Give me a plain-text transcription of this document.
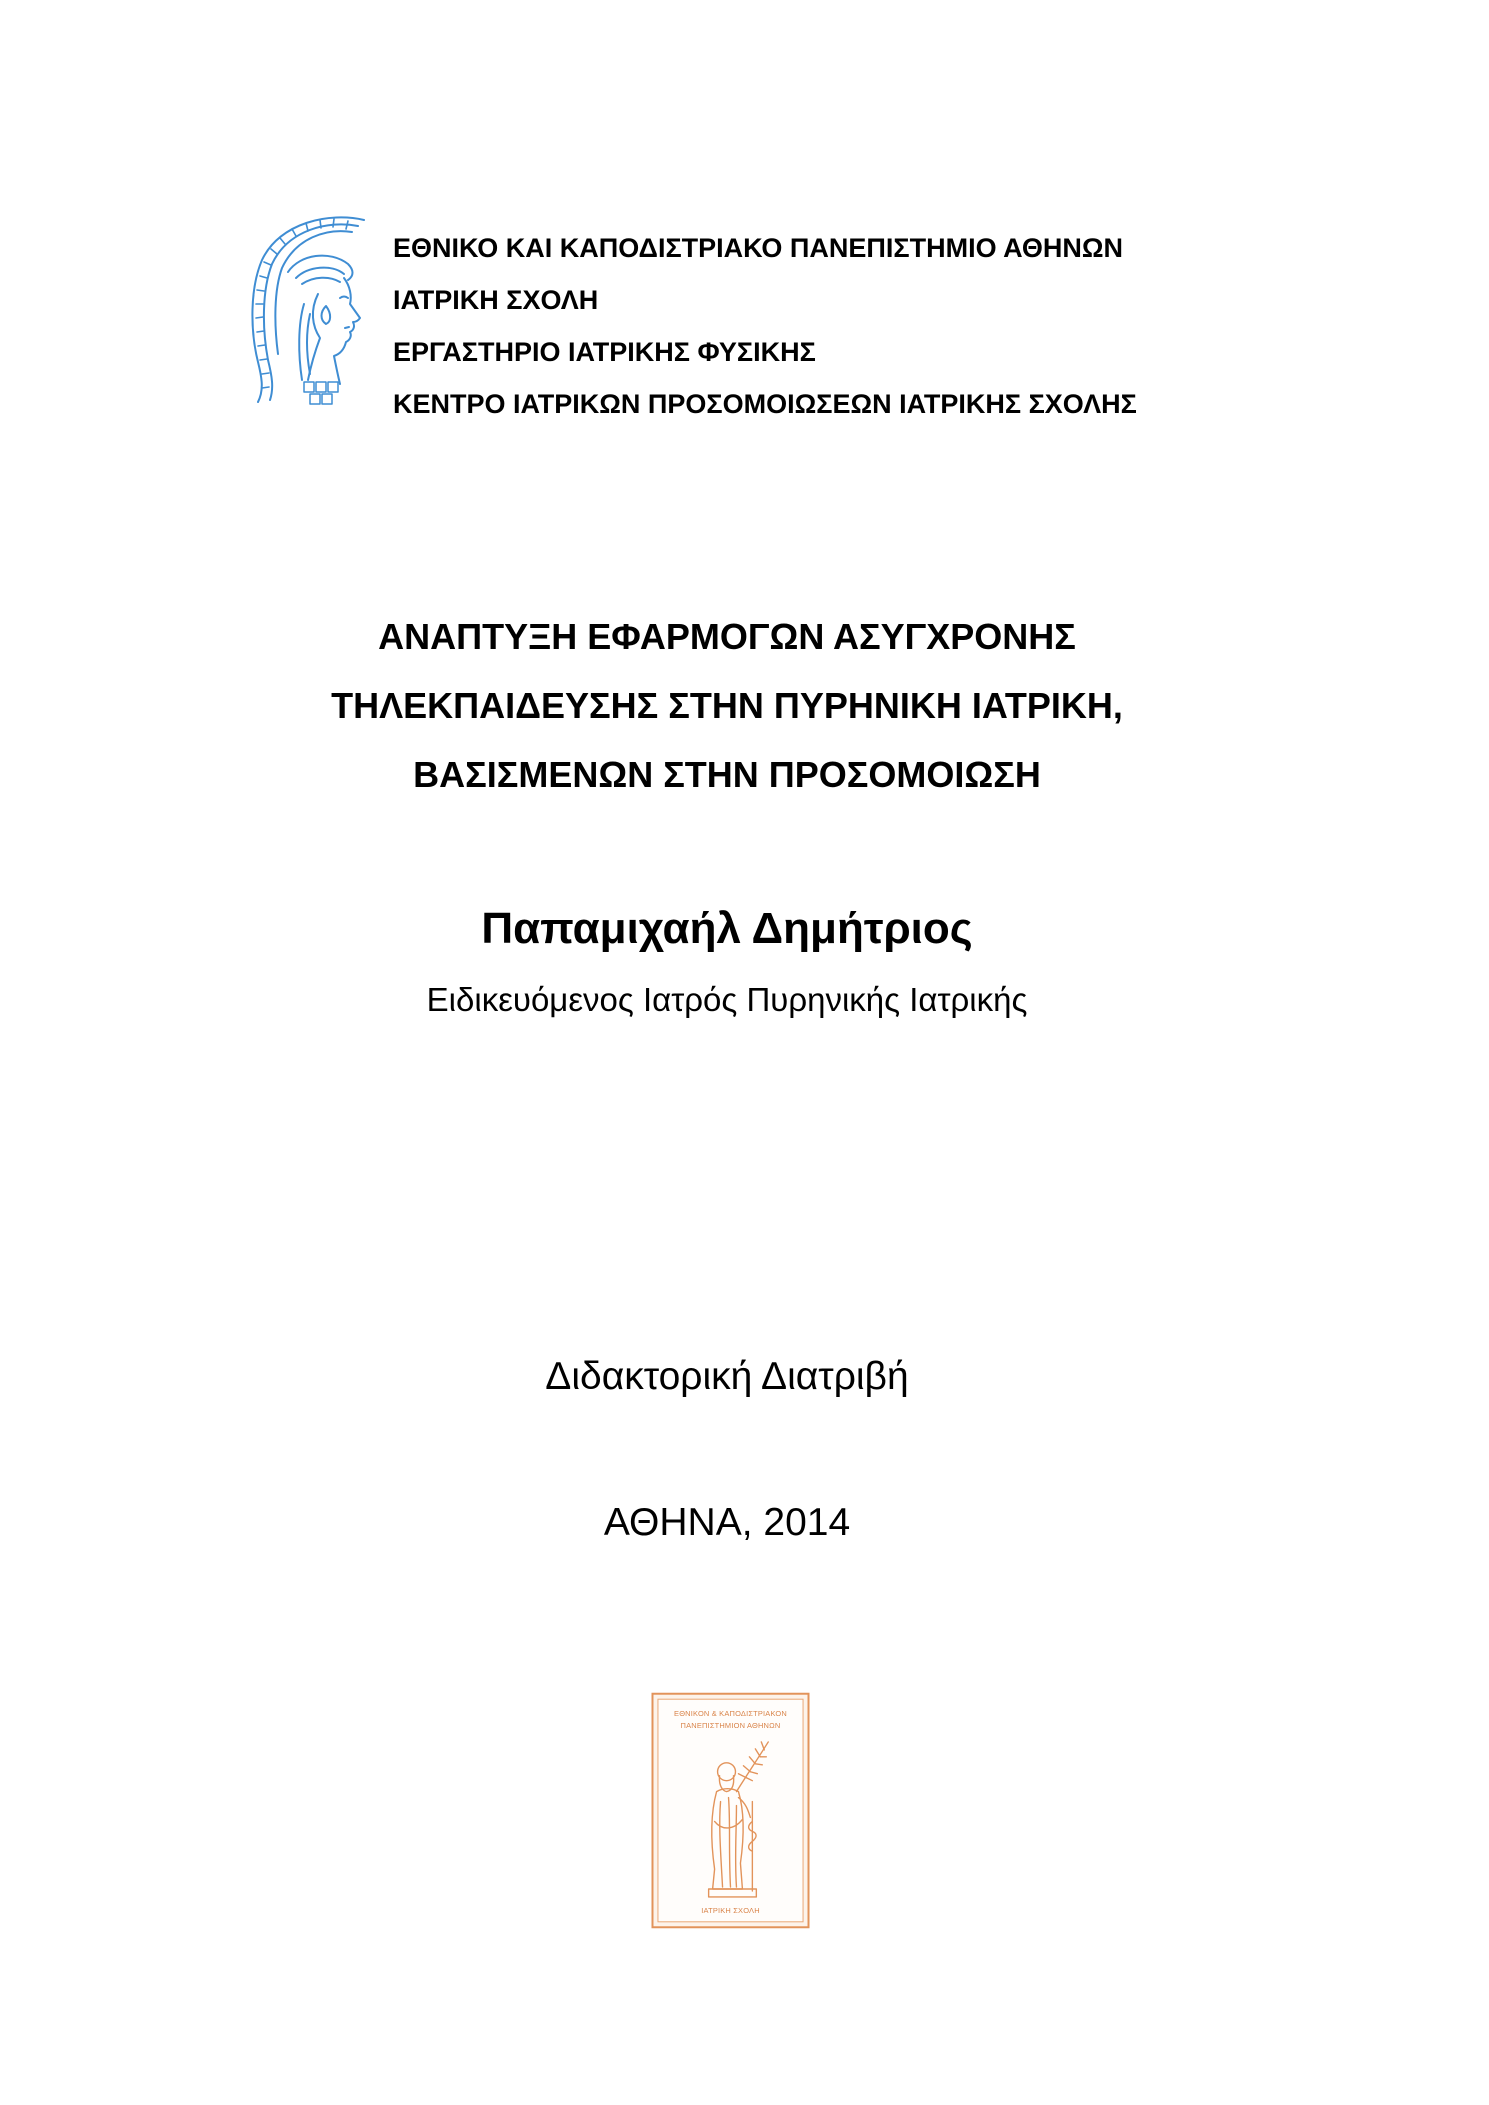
ΕΘΝΙΚΟ ΚΑΙ ΚΑΠΟΔΙΣΤΡΙΑΚΟ ΠΑΝΕΠΙΣΤΗΜΙΟ ΑΘΗΝΩΝ
ΙΑΤΡΙΚΗ ΣΧΟΛΗ
ΕΡΓΑΣΤΗΡΙΟ ΙΑΤΡΙΚΗΣ ΦΥΣΙΚΗΣ
ΚΕΝΤΡΟ ΙΑΤΡΙΚΩΝ ΠΡΟΣΟΜΟΙΩΣΕΩΝ ΙΑΤΡΙΚΗΣ ΣΧΟΛΗΣ
ΑΝΑΠΤΥΞΗ ΕΦΑΡΜΟΓΩΝ ΑΣΥΓΧΡΟΝΗΣ
ΤΗΛΕΚΠΑΙΔΕΥΣΗΣ ΣΤΗΝ ΠΥΡΗΝΙΚΗ ΙΑΤΡΙΚΗ,
ΒΑΣΙΣΜΕΝΩΝ ΣΤΗΝ ΠΡΟΣΟΜΟΙΩΣΗ
Παπαμιχαήλ Δημήτριος
Ειδικευόμενος Ιατρός Πυρηνικής Ιατρικής
Διδακτορική Διατριβή
ΑΘΗΝΑ, 2014
ΕΘΝΙΚΟΝ & ΚΑΠΟΔΙΣΤΡΙΑΚΟΝ
ΠΑΝΕΠΙΣΤΗΜΙΟΝ ΑΘΗΝΩΝ
ΙΑΤΡΙΚΗ ΣΧΟΛΗ
